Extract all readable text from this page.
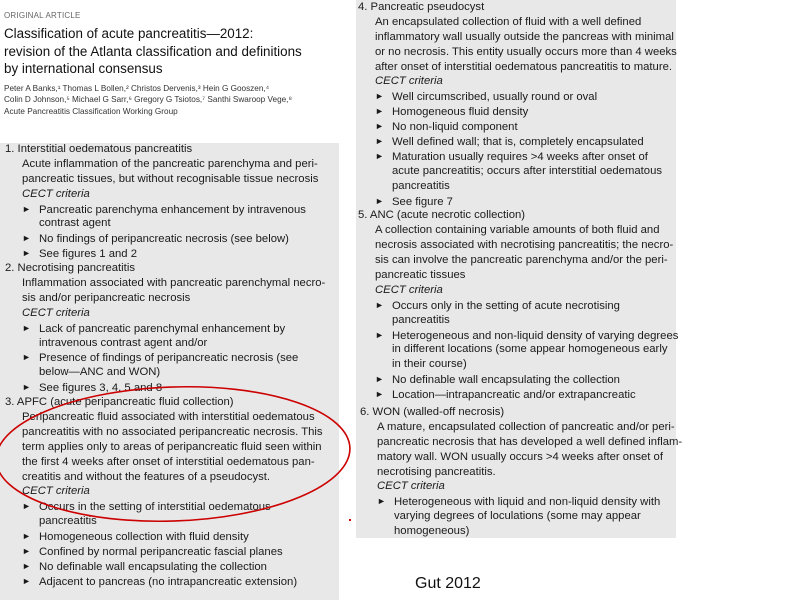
ORIGINAL ARTICLE
Classification of acute pancreatitis—2012:
revision of the Atlanta classification and definitions
by international consensus
Peter A Banks,¹ Thomas L Bollen,² Christos Dervenis,³ Hein G Gooszen,⁴
Colin D Johnson,⁵ Michael G Sarr,⁶ Gregory G Tsiotos,⁷ Santhi Swaroop Vege,⁸
Acute Pancreatitis Classification Working Group
1. Interstitial oedematous pancreatitis
Acute inflammation of the pancreatic parenchyma and peri-
pancreatic tissues, but without recognisable tissue necrosis
CECT criteria
► Pancreatic parenchyma enhancement by intravenous
contrast agent
► No findings of peripancreatic necrosis (see below)
► See figures 1 and 2
2. Necrotising pancreatitis
Inflammation associated with pancreatic parenchymal necro-
sis and/or peripancreatic necrosis
CECT criteria
► Lack of pancreatic parenchymal enhancement by
intravenous contrast agent and/or
► Presence of findings of peripancreatic necrosis (see
below—ANC and WON)
► See figures 3, 4, 5 and 8
3. APFC (acute peripancreatic fluid collection)
Peripancreatic fluid associated with interstitial oedematous
pancreatitis with no associated peripancreatic necrosis. This
term applies only to areas of peripancreatic fluid seen within
the first 4 weeks after onset of interstitial oedematous pan-
creatitis and without the features of a pseudocyst.
CECT criteria
► Occurs in the setting of interstitial oedematous
pancreatitis
► Homogeneous collection with fluid density
► Confined by normal peripancreatic fascial planes
► No definable wall encapsulating the collection
► Adjacent to pancreas (no intrapancreatic extension)
4. Pancreatic pseudocyst
An encapsulated collection of fluid with a well defined
inflammatory wall usually outside the pancreas with minimal
or no necrosis. This entity usually occurs more than 4 weeks
after onset of interstitial oedematous pancreatitis to mature.
CECT criteria
► Well circumscribed, usually round or oval
► Homogeneous fluid density
► No non-liquid component
► Well defined wall; that is, completely encapsulated
► Maturation usually requires >4 weeks after onset of
acute pancreatitis; occurs after interstitial oedematous
pancreatitis
► See figure 7
5. ANC (acute necrotic collection)
A collection containing variable amounts of both fluid and
necrosis associated with necrotising pancreatitis; the necro-
sis can involve the pancreatic parenchyma and/or the peri-
pancreatic tissues
CECT criteria
► Occurs only in the setting of acute necrotising
pancreatitis
► Heterogeneous and non-liquid density of varying degrees
in different locations (some appear homogeneous early
in their course)
► No definable wall encapsulating the collection
► Location—intrapancreatic and/or extrapancreatic
6. WON (walled-off necrosis)
A mature, encapsulated collection of pancreatic and/or peri-
pancreatic necrosis that has developed a well defined inflam-
matory wall. WON usually occurs >4 weeks after onset of
necrotising pancreatitis.
CECT criteria
► Heterogeneous with liquid and non-liquid density with
varying degrees of loculations (some may appear
homogeneous)
Gut 2012
